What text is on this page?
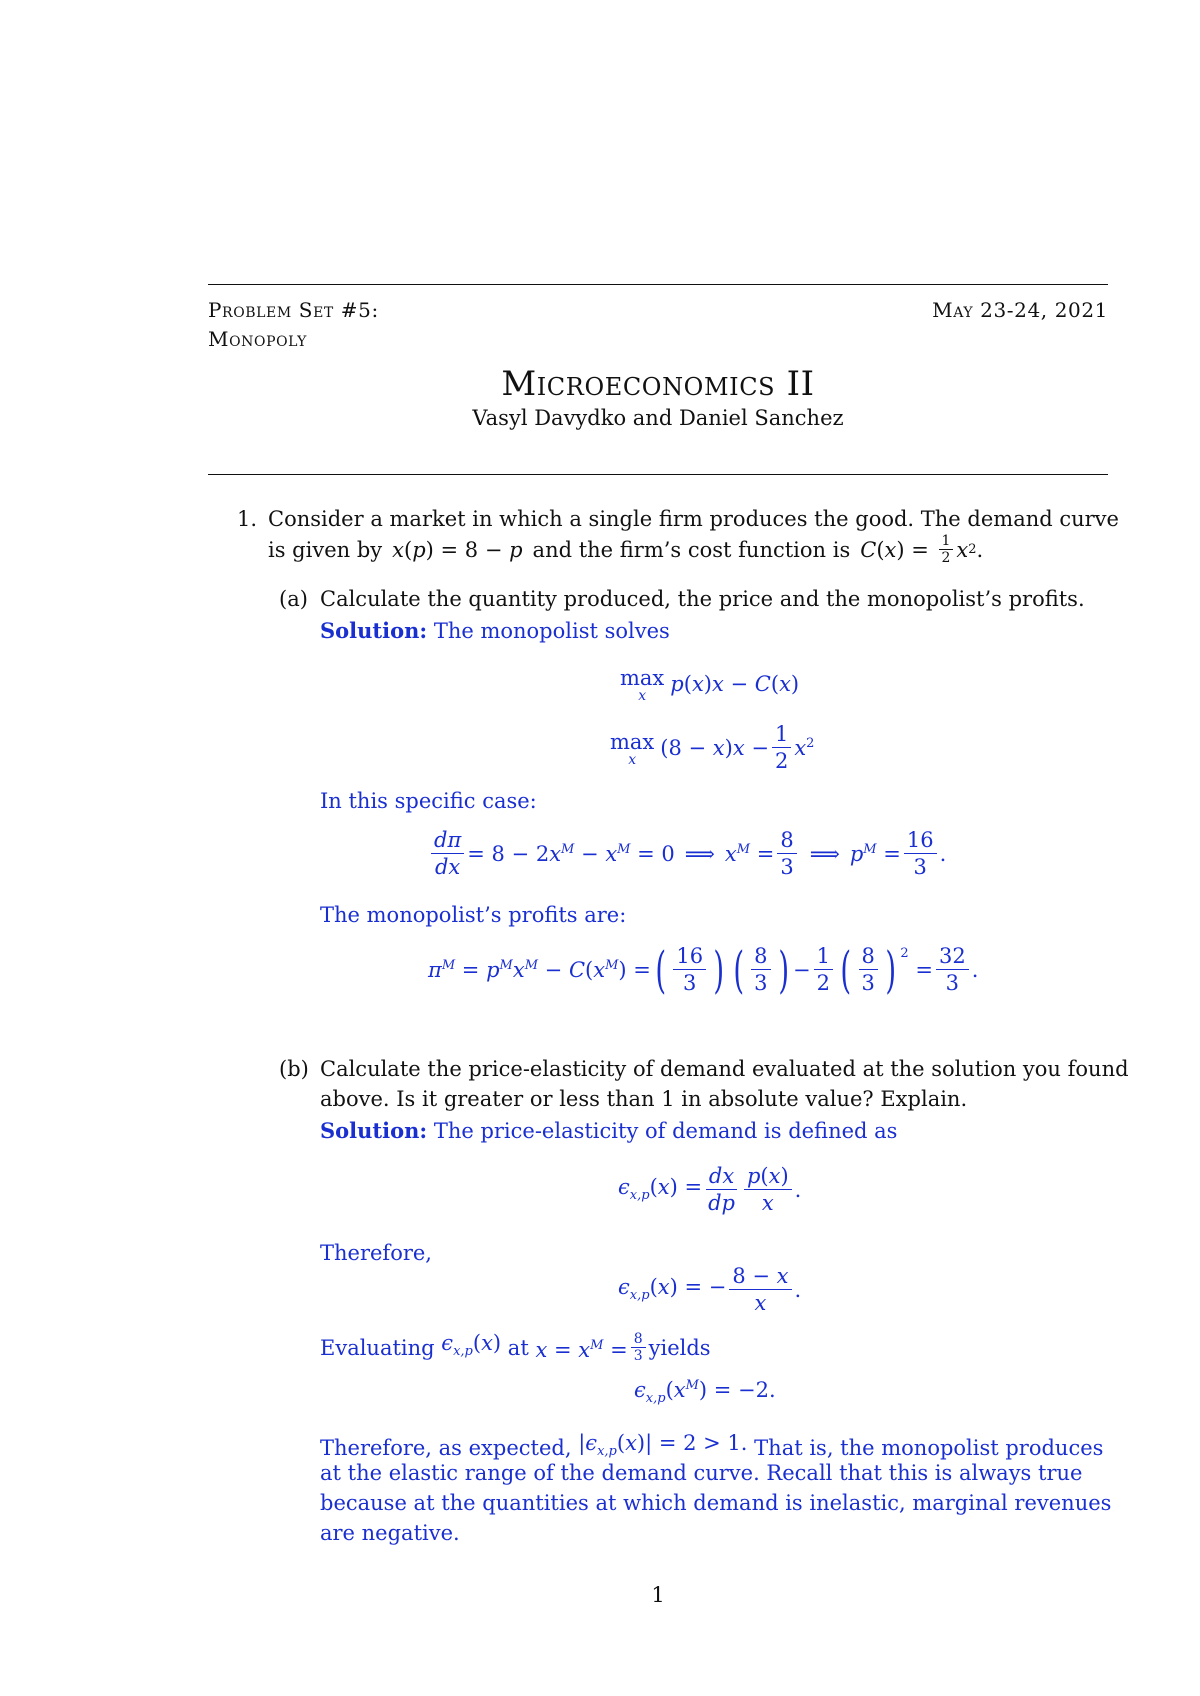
Problem Set #5:
Monopoly
May 23-24, 2021
Microeconomics II
Vasyl Davydko and Daniel Sanchez
1. Consider a market in which a single firm produces the good. The demand curve
is given by x(p) = 8 − p and the firm’s cost function is C ( x ) = $\frac{1}{2}$ x 2 .
(a) Calculate the quantity produced, the price and the monopolist’s profits.
Solution: The monopolist solves
max
x p(x)x − C(x)
max
x $(8 - x)x - \frac{1}{2} x^2$
In this specific case:
$\frac{d\pi}{dx} = 8 - 2x^M - x^M = 0$ ⟹ $x^M = \frac{8}{3}$ ⟹ $p^M = \frac{16}{3}$ .
The monopolist’s profits are:
$\pi^M = p^Mx^M - C(x^M)$ = ( $\frac{16}{3}$ ) ( $\frac{8}{3}$ ) − $\frac{1}{2}$ ( $\frac{8}{3}$ ) $^2$
= $\frac{32}{3}$ .
(b) Calculate the price-elasticity of demand evaluated at the solution you found
above. Is it greater or less than 1 in absolute value? Explain.
Solution: The price-elasticity of demand is defined as
$\epsilon_{x,p}(x) = \frac{dx}{dp} \frac{p(x)}{x}$ .
Therefore,
$\epsilon_{x,p}(x)$ = − $\frac{8 - x}{x}$ .
Evaluating
$\epsilon_{x,p}(x)$
at
$x = x^M = \frac{8}{3}$ yields
$\epsilon_{x,p}(x^M) = -2$.
Therefore, as expected,
$|\epsilon_{x,p}(x)| = 2 > 1$.
That is, the monopolist produces
at the elastic range of the demand curve. Recall that this is always true
because at the quantities at which demand is inelastic, marginal revenues
are negative.
1
